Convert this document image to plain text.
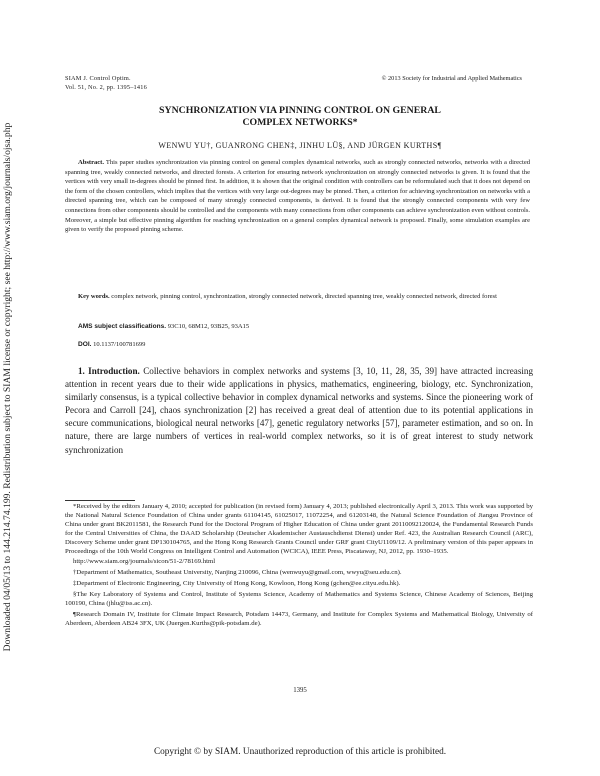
Downloaded 04/05/13 to 144.214.74.199. Redistribution subject to SIAM license or copyright; see http://www.siam.org/journals/ojsa.php
SIAM J. Control Optim.
Vol. 51, No. 2, pp. 1395–1416
© 2013 Society for Industrial and Applied Mathematics
SYNCHRONIZATION VIA PINNING CONTROL ON GENERAL
COMPLEX NETWORKS*
WENWU YU†, GUANRONG CHEN‡, JINHU LÜ§, AND JÜRGEN KURTHS¶
Abstract. This paper studies synchronization via pinning control on general complex dynamical networks, such as strongly connected networks, networks with a directed spanning tree, weakly connected networks, and directed forests. A criterion for ensuring network synchronization on strongly connected networks is given. It is found that the vertices with very small in-degrees should be pinned first. In addition, it is shown that the original condition with controllers can be reformulated such that it does not depend on the form of the chosen controllers, which implies that the vertices with very large out-degrees may be pinned. Then, a criterion for achieving synchronization on networks with a directed spanning tree, which can be composed of many strongly connected components, is derived. It is found that the strongly connected components with very few connections from other components should be controlled and the components with many connections from other components can achieve synchronization even without controls. Moreover, a simple but effective pinning algorithm for reaching synchronization on a general complex dynamical network is proposed. Finally, some simulation examples are given to verify the proposed pinning scheme.
Key words. complex network, pinning control, synchronization, strongly connected network, directed spanning tree, weakly connected network, directed forest
AMS subject classifications. 93C10, 68M12, 93B25, 93A15
DOI. 10.1137/100781699
1. Introduction. Collective behaviors in complex networks and systems [3, 10, 11, 28, 35, 39] have attracted increasing attention in recent years due to their wide applications in physics, mathematics, engineering, biology, etc. Synchronization, similarly consensus, is a typical collective behavior in complex dynamical networks and systems. Since the pioneering work of Pecora and Carroll [24], chaos synchronization [2] has received a great deal of attention due to its potential applications in secure communications, biological neural networks [47], genetic regulatory networks [57], parameter estimation, and so on. In nature, there are large numbers of vertices in real-world complex networks, so it is of great interest to study network synchronization

*Received by the editors January 4, 2010; accepted for publication (in revised form) January 4, 2013; published electronically April 3, 2013. This work was supported by the National Natural Science Foundation of China under grants 61104145, 61025017, 11072254, and 61203148, the Natural Science Foundation of Jiangsu Province of China under grant BK2011581, the Research Fund for the Doctoral Program of Higher Education of China under grant 20110092120024, the Fundamental Research Funds for the Central Universities of China, the DAAD Scholarship (Deutscher Akademischer Austauschdienst Dienst) under Ref. 423, the Australian Research Council (ARC), Discovery Scheme under grant DP130104765, and the Hong Kong Research Grants Council under GRF grant CityU1109/12. A preliminary version of this paper appears in Proceedings of the 10th World Congress on Intelligent Control and Automation (WCICA), IEEE Press, Piscataway, NJ, 2012, pp. 1930–1935.

http://www.siam.org/journals/sicon/51-2/78169.html

†Department of Mathematics, Southeast University, Nanjing 210096, China (wenwuyu@gmail.com, wwyu@seu.edu.cn).

‡Department of Electronic Engineering, City University of Hong Kong, Kowloon, Hong Kong (gchen@ee.cityu.edu.hk).

§The Key Laboratory of Systems and Control, Institute of Systems Science, Academy of Mathematics and Systems Science, Chinese Academy of Sciences, Beijing 100190, China (jhlu@iss.ac.cn).

¶Research Domain IV, Institute for Climate Impact Research, Potsdam 14473, Germany, and Institute for Complex Systems and Mathematical Biology, University of Aberdeen, Aberdeen AB24 3FX, UK (Juergen.Kurths@pik-potsdam.de).

1395
Copyright © by SIAM. Unauthorized reproduction of this article is prohibited.
